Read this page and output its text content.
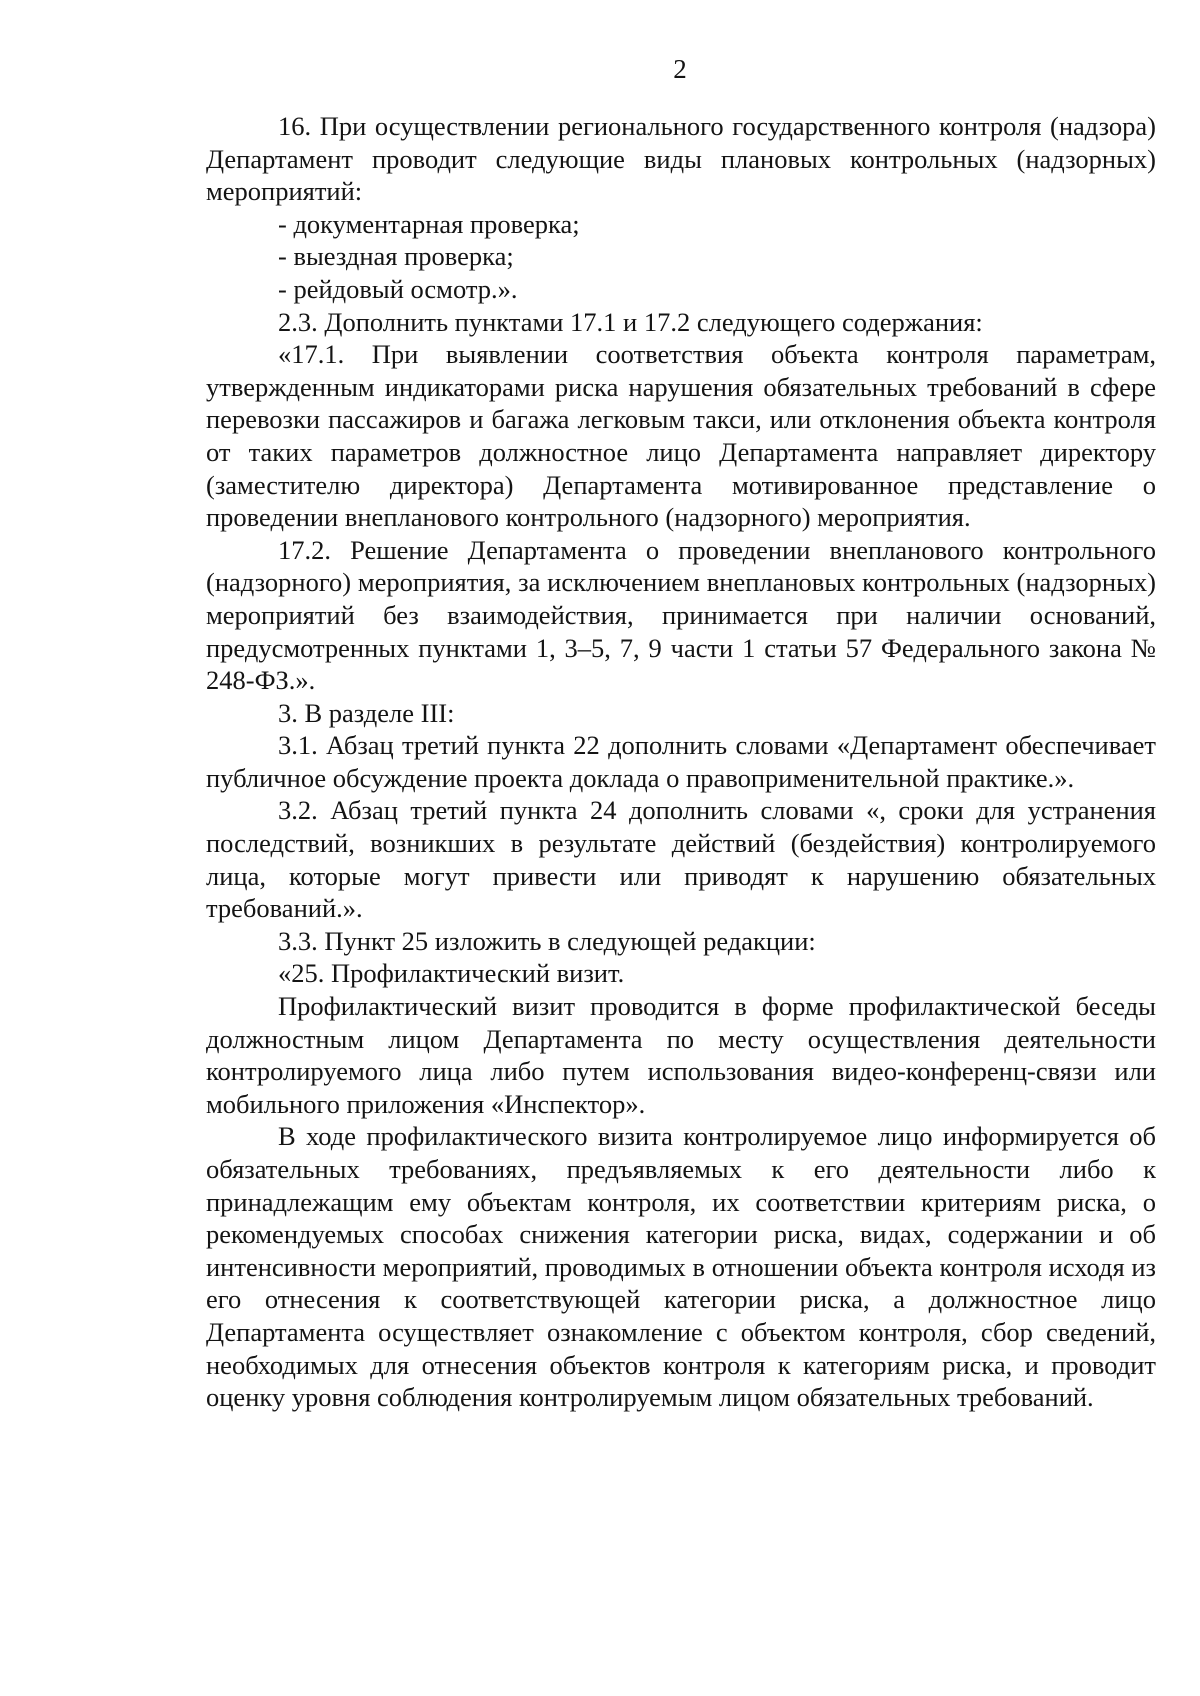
2

16. При осуществлении регионального государственного контроля (надзора) Департамент проводит следующие виды плановых контрольных (надзорных) мероприятий:

- документарная проверка;

- выездная проверка;

- рейдовый осмотр.».

2.3. Дополнить пунктами 17.1 и 17.2 следующего содержания:

«17.1. При выявлении соответствия объекта контроля параметрам, утвержденным индикаторами риска нарушения обязательных требований в сфере перевозки пассажиров и багажа легковым такси, или отклонения объекта контроля от таких параметров должностное лицо Департамента направляет директору (заместителю директора) Департамента мотивированное представление о проведении внепланового контрольного (надзорного) мероприятия.

17.2. Решение Департамента о проведении внепланового контрольного (надзорного) мероприятия, за исключением внеплановых контрольных (надзорных) мероприятий без взаимодействия, принимается при наличии оснований, предусмотренных пунктами 1, 3–5, 7, 9 части 1 статьи 57 Федерального закона № 248-ФЗ.».

3. В разделе III:

3.1. Абзац третий пункта 22 дополнить словами «Департамент обеспечивает публичное обсуждение проекта доклада о правоприменительной практике.».

3.2. Абзац третий пункта 24 дополнить словами «, сроки для устранения последствий, возникших в результате действий (бездействия) контролируемого лица, которые могут привести или приводят к нарушению обязательных требований.».

3.3. Пункт 25 изложить в следующей редакции:

«25. Профилактический визит.

Профилактический визит проводится в форме профилактической беседы должностным лицом Департамента по месту осуществления деятельности контролируемого лица либо путем использования видео-конференц-связи или мобильного приложения «Инспектор».

В ходе профилактического визита контролируемое лицо информируется об обязательных требованиях, предъявляемых к его деятельности либо к принадлежащим ему объектам контроля, их соответствии критериям риска, о рекомендуемых способах снижения категории риска, видах, содержании и об интенсивности мероприятий, проводимых в отношении объекта контроля исходя из его отнесения к соответствующей категории риска, а должностное лицо Департамента осуществляет ознакомление с объектом контроля, сбор сведений, необходимых для отнесения объектов контроля к категориям риска, и проводит оценку уровня соблюдения контролируемым лицом обязательных требований.
